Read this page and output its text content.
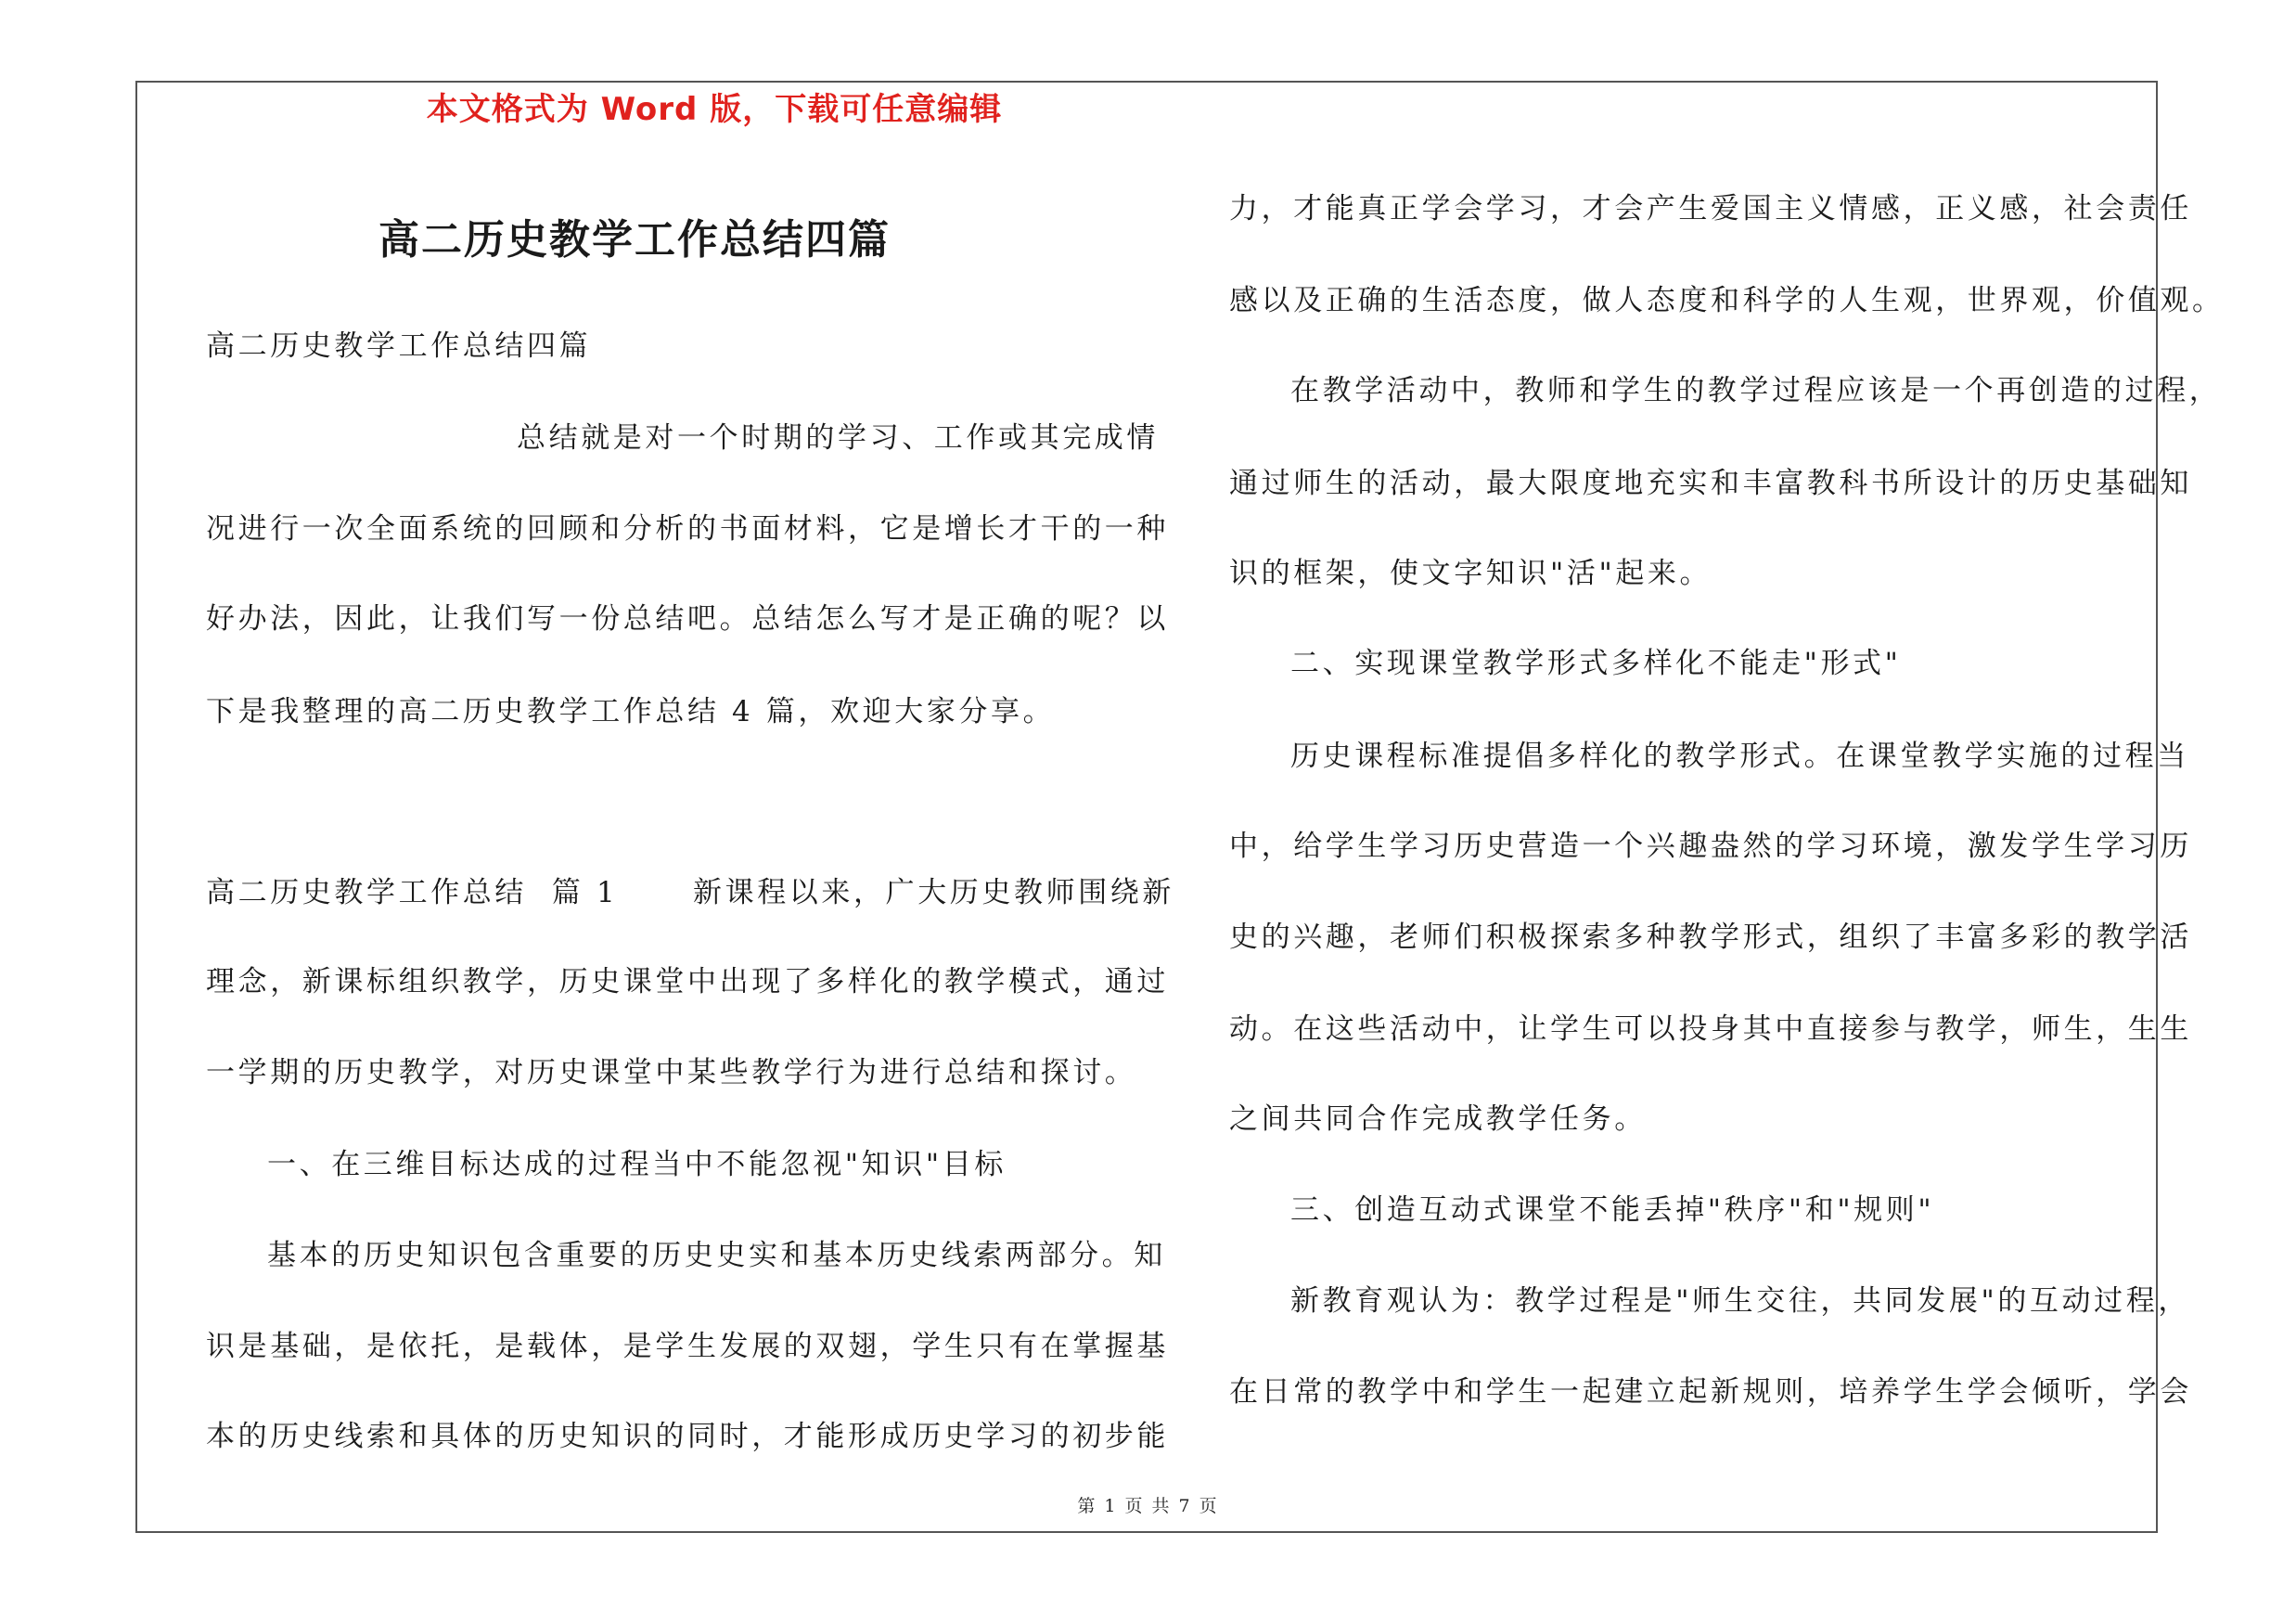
本文格式为 Word 版，下载可任意编辑
高二历史教学工作总结四篇
高二历史教学工作总结四篇
总结就是对一个时期的学习、工作或其完成情
况进行一次全面系统的回顾和分析的书面材料，它是增长才干的一种
好办法，因此，让我们写一份总结吧。总结怎么写才是正确的呢？以
下是我整理的高二历史教学工作总结 4 篇，欢迎大家分享。
高二历史教学工作总结  篇 1      新课程以来，广大历史教师围绕新
理念，新课标组织教学，历史课堂中出现了多样化的教学模式，通过
一学期的历史教学，对历史课堂中某些教学行为进行总结和探讨。
一、在三维目标达成的过程当中不能忽视"知识"目标
基本的历史知识包含重要的历史史实和基本历史线索两部分。知
识是基础，是依托，是载体，是学生发展的双翅，学生只有在掌握基
本的历史线索和具体的历史知识的同时，才能形成历史学习的初步能
力，才能真正学会学习，才会产生爱国主义情感，正义感，社会责任
感以及正确的生活态度，做人态度和科学的人生观，世界观，价值观。
在教学活动中，教师和学生的教学过程应该是一个再创造的过程，
通过师生的活动，最大限度地充实和丰富教科书所设计的历史基础知
识的框架，使文字知识"活"起来。
二、实现课堂教学形式多样化不能走"形式"
历史课程标准提倡多样化的教学形式。在课堂教学实施的过程当
中，给学生学习历史营造一个兴趣盎然的学习环境，激发学生学习历
史的兴趣，老师们积极探索多种教学形式，组织了丰富多彩的教学活
动。在这些活动中，让学生可以投身其中直接参与教学，师生，生生
之间共同合作完成教学任务。
三、创造互动式课堂不能丢掉"秩序"和"规则"
新教育观认为：教学过程是"师生交往，共同发展"的互动过程，
在日常的教学中和学生一起建立起新规则，培养学生学会倾听，学会
第 1 页 共 7 页
